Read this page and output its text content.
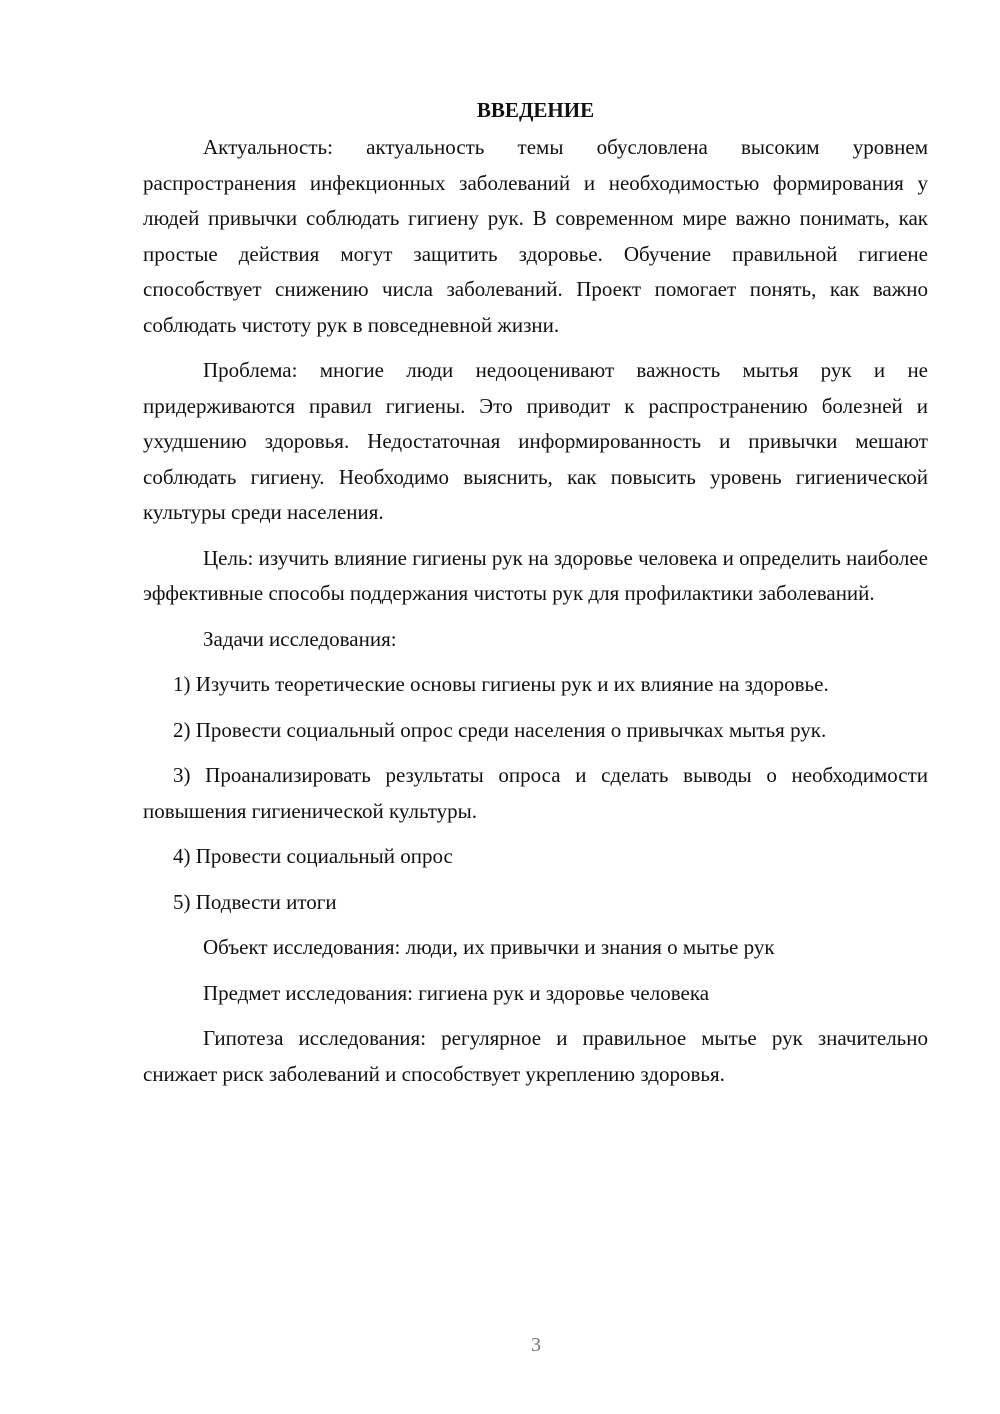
ВВЕДЕНИЕ

Актуальность: актуальность темы обусловлена высоким уровнем распространения инфекционных заболеваний и необходимостью формирования у людей привычки соблюдать гигиену рук. В современном мире важно понимать, как простые действия могут защитить здоровье. Обучение правильной гигиене способствует снижению числа заболеваний. Проект помогает понять, как важно соблюдать чистоту рук в повседневной жизни.

Проблема: многие люди недооценивают важность мытья рук и не придерживаются правил гигиены. Это приводит к распространению болезней и ухудшению здоровья. Недостаточная информированность и привычки мешают соблюдать гигиену. Необходимо выяснить, как повысить уровень гигиенической культуры среди населения.

Цель: изучить влияние гигиены рук на здоровье человека и определить наиболее эффективные способы поддержания чистоты рук для профилактики заболеваний.

Задачи исследования:

1) Изучить теоретические основы гигиены рук и их влияние на здоровье.

2) Провести социальный опрос среди населения о привычках мытья рук.

3) Проанализировать результаты опроса и сделать выводы о необходимости повышения гигиенической культуры.

4) Провести социальный опрос

5) Подвести итоги

Объект исследования: люди, их привычки и знания о мытье рук

Предмет исследования: гигиена рук и здоровье человека

Гипотеза исследования: регулярное и правильное мытье рук значительно снижает риск заболеваний и способствует укреплению здоровья.

3
